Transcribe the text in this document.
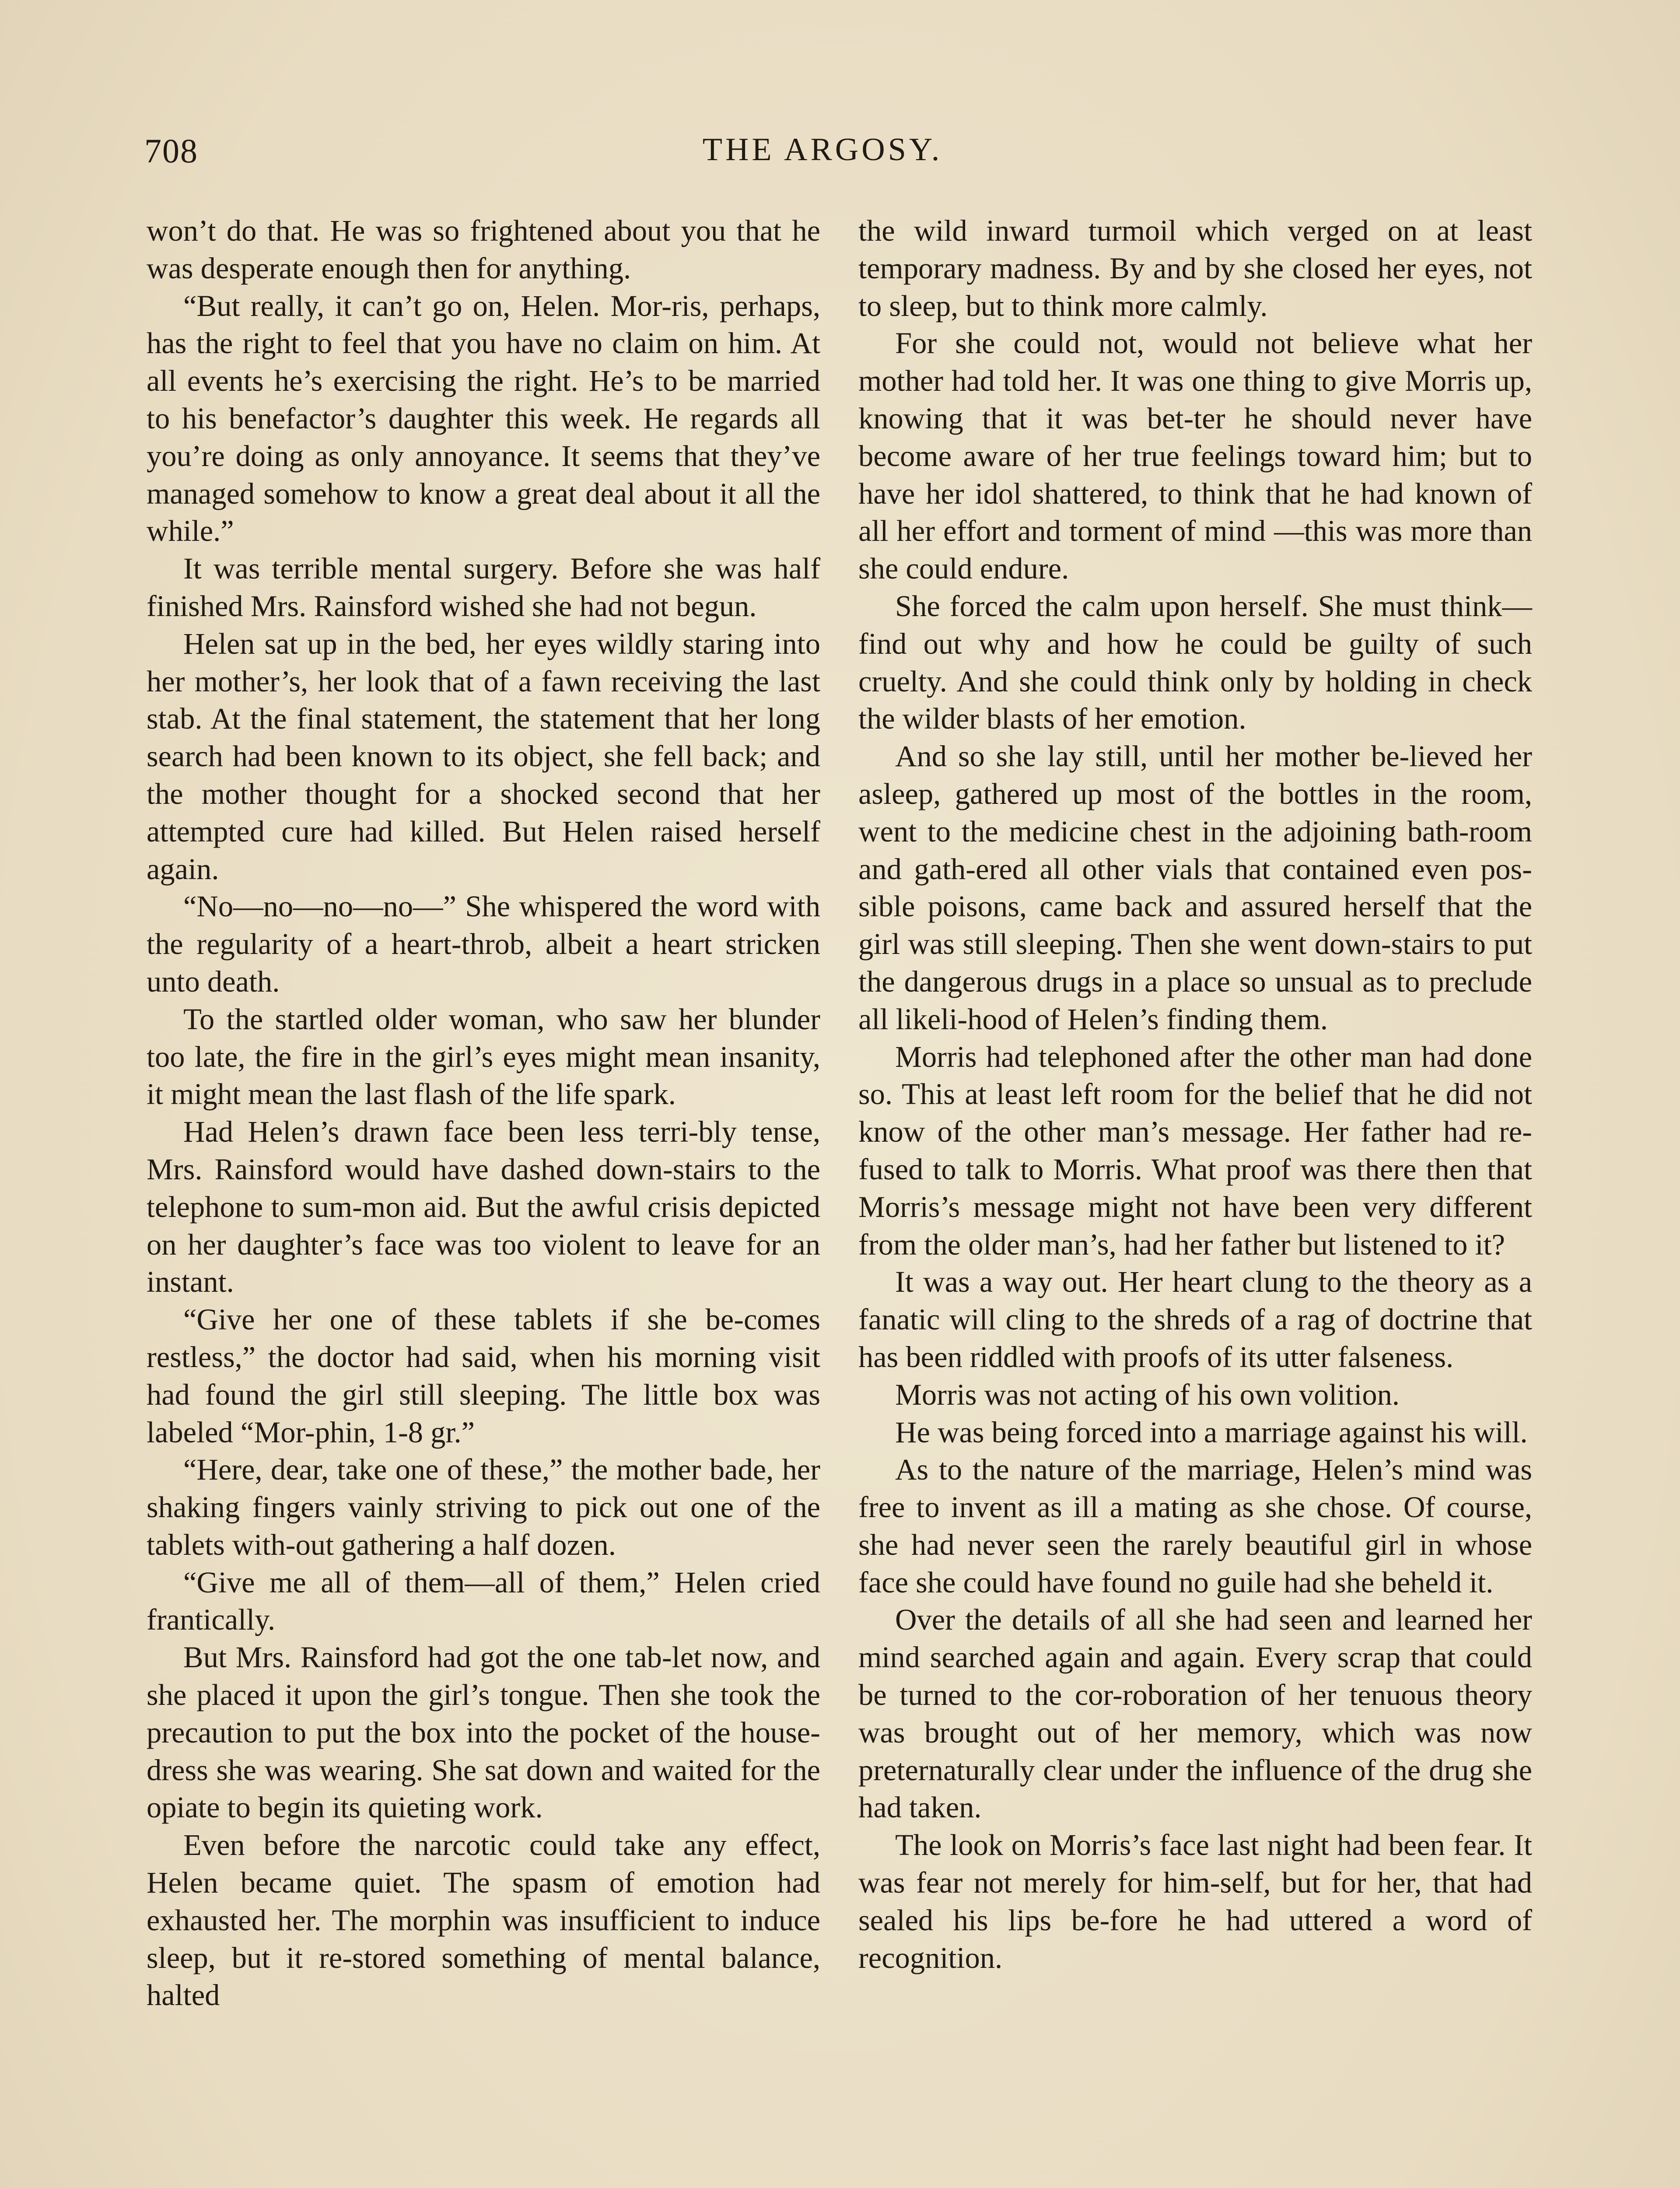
708	THE ARGOSY.

won’t do that. He was so frightened about you that he was desperate enough then for anything.

“But really, it can’t go on, Helen. Mor-ris, perhaps, has the right to feel that you have no claim on him. At all events he’s exercising the right. He’s to be married to his benefactor’s daughter this week. He regards all you’re doing as only annoyance. It seems that they’ve managed somehow to know a great deal about it all the while.”

It was terrible mental surgery. Before she was half finished Mrs. Rainsford wished she had not begun.

Helen sat up in the bed, her eyes wildly staring into her mother’s, her look that of a fawn receiving the last stab. At the final statement, the statement that her long search had been known to its object, she fell back; and the mother thought for a shocked second that her attempted cure had killed. But Helen raised herself again.

“No—no—no—no—” She whispered the word with the regularity of a heart-throb, albeit a heart stricken unto death.

To the startled older woman, who saw her blunder too late, the fire in the girl’s eyes might mean insanity, it might mean the last flash of the life spark.

Had Helen’s drawn face been less terri-bly tense, Mrs. Rainsford would have dashed down-stairs to the telephone to sum-mon aid. But the awful crisis depicted on her daughter’s face was too violent to leave for an instant.

“Give her one of these tablets if she be-comes restless,” the doctor had said, when his morning visit had found the girl still sleeping. The little box was labeled “Mor-phin, 1-8 gr.”

“Here, dear, take one of these,” the mother bade, her shaking fingers vainly striving to pick out one of the tablets with-out gathering a half dozen.

“Give me all of them—all of them,” Helen cried frantically.

But Mrs. Rainsford had got the one tab-let now, and she placed it upon the girl’s tongue. Then she took the precaution to put the box into the pocket of the house-dress she was wearing. She sat down and waited for the opiate to begin its quieting work.

Even before the narcotic could take any effect, Helen became quiet. The spasm of emotion had exhausted her. The morphin was insufficient to induce sleep, but it re-stored something of mental balance, halted

the wild inward turmoil which verged on at least temporary madness. By and by she closed her eyes, not to sleep, but to think more calmly.

For she could not, would not believe what her mother had told her. It was one thing to give Morris up, knowing that it was bet-ter he should never have become aware of her true feelings toward him; but to have her idol shattered, to think that he had known of all her effort and torment of mind —this was more than she could endure.

She forced the calm upon herself. She must think—find out why and how he could be guilty of such cruelty. And she could think only by holding in check the wilder blasts of her emotion.

And so she lay still, until her mother be-lieved her asleep, gathered up most of the bottles in the room, went to the medicine chest in the adjoining bath-room and gath-ered all other vials that contained even pos-sible poisons, came back and assured herself that the girl was still sleeping. Then she went down-stairs to put the dangerous drugs in a place so unsual as to preclude all likeli-hood of Helen’s finding them.

Morris had telephoned after the other man had done so. This at least left room for the belief that he did not know of the other man’s message. Her father had re-fused to talk to Morris. What proof was there then that Morris’s message might not have been very different from the older man’s, had her father but listened to it?

It was a way out. Her heart clung to the theory as a fanatic will cling to the shreds of a rag of doctrine that has been riddled with proofs of its utter falseness.

Morris was not acting of his own volition.

He was being forced into a marriage against his will.

As to the nature of the marriage, Helen’s mind was free to invent as ill a mating as she chose. Of course, she had never seen the rarely beautiful girl in whose face she could have found no guile had she beheld it.

Over the details of all she had seen and learned her mind searched again and again. Every scrap that could be turned to the cor-roboration of her tenuous theory was brought out of her memory, which was now preternaturally clear under the influence of the drug she had taken.

The look on Morris’s face last night had been fear. It was fear not merely for him-self, but for her, that had sealed his lips be-fore he had uttered a word of recognition.
